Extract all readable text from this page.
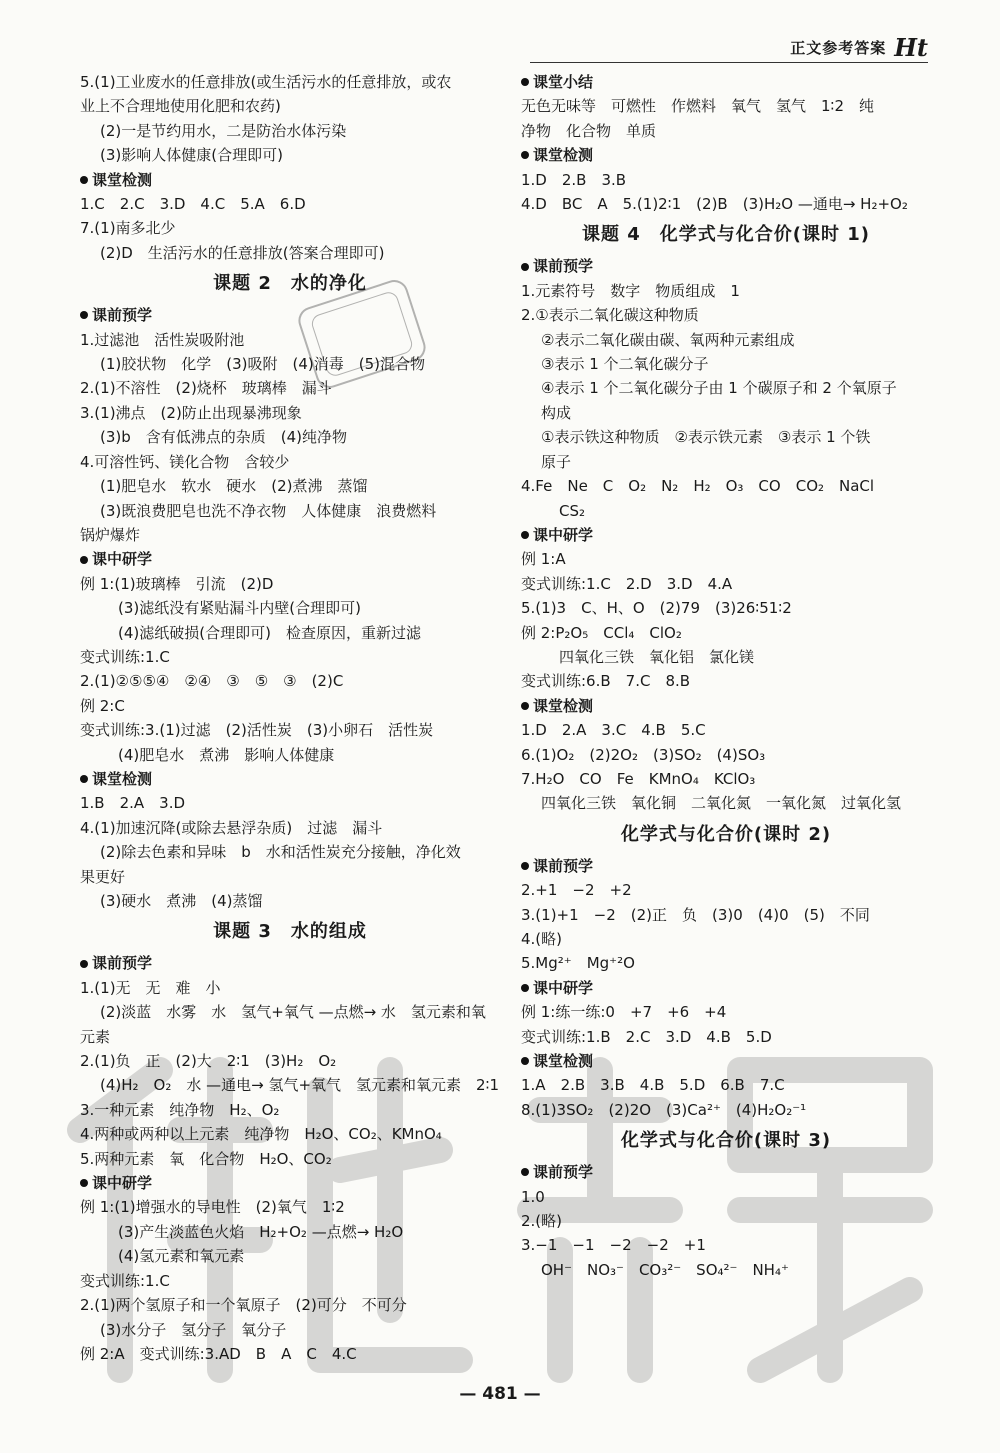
正文参考答案 Ht
5.(1)工业废水的任意排放(或生活污水的任意排放，或农
业上不合理地使用化肥和农药)
(2)一是节约用水，二是防治水体污染
(3)影响人体健康(合理即可)
课堂检测
1.C　2.C　3.D　4.C　5.A　6.D
7.(1)南多北少
(2)D　生活污水的任意排放(答案合理即可)
课题 2　水的净化
课前预学
1.过滤池　活性炭吸附池
(1)胶状物　化学　(3)吸附　(4)消毒　(5)混合物
2.(1)不溶性　(2)烧杯　玻璃棒　漏斗
3.(1)沸点　(2)防止出现暴沸现象
(3)b　含有低沸点的杂质　(4)纯净物
4.可溶性钙、镁化合物　含较少
(1)肥皂水　软水　硬水　(2)煮沸　蒸馏
(3)既浪费肥皂也洗不净衣物　人体健康　浪费燃料
锅炉爆炸
课中研学
例 1:(1)玻璃棒　引流　(2)D
(3)滤纸没有紧贴漏斗内壁(合理即可)
(4)滤纸破损(合理即可)　检查原因，重新过滤
变式训练:1.C
2.(1)②⑤⑤④　②④　③　⑤　③　(2)C
例 2:C
变式训练:3.(1)过滤　(2)活性炭　(3)小卵石　活性炭
(4)肥皂水　煮沸　影响人体健康
课堂检测
1.B　2.A　3.D
4.(1)加速沉降(或除去悬浮杂质)　过滤　漏斗
(2)除去色素和异味　b　水和活性炭充分接触，净化效
果更好
(3)硬水　煮沸　(4)蒸馏
课题 3　水的组成
课前预学
1.(1)无　无　难　小
(2)淡蓝　水雾　水　氢气+氧气 —点燃→ 水　氢元素和氧
元素
2.(1)负　正　(2)大　2∶1　(3)H₂　O₂
(4)H₂　O₂　水 —通电→ 氢气+氧气　氢元素和氧元素　2∶1
3.一种元素　纯净物　H₂、O₂
4.两种或两种以上元素　纯净物　H₂O、CO₂、KMnO₄
5.两种元素　氧　化合物　H₂O、CO₂
课中研学
例 1:(1)增强水的导电性　(2)氧气　1∶2
(3)产生淡蓝色火焰　H₂+O₂ —点燃→ H₂O
(4)氢元素和氧元素
变式训练:1.C
2.(1)两个氢原子和一个氧原子　(2)可分　不可分
(3)水分子　氢分子　氧分子
例 2:A　变式训练:3.AD　B　A　C　4.C
课堂小结
无色无味等　可燃性　作燃料　氧气　氢气　1∶2　纯
净物　化合物　单质
课堂检测
1.D　2.B　3.B
4.D　BC　A　5.(1)2∶1　(2)B　(3)H₂O —通电→ H₂+O₂
课题 4　化学式与化合价(课时 1)
课前预学
1.元素符号　数字　物质组成　1
2.①表示二氧化碳这种物质
②表示二氧化碳由碳、氧两种元素组成
③表示 1 个二氧化碳分子
④表示 1 个二氧化碳分子由 1 个碳原子和 2 个氧原子
构成
①表示铁这种物质　②表示铁元素　③表示 1 个铁
原子
4.Fe　Ne　C　O₂　N₂　H₂　O₃　CO　CO₂　NaCl
CS₂
课中研学
例 1:A
变式训练:1.C　2.D　3.D　4.A
5.(1)3　C、H、O　(2)79　(3)26∶51∶2
例 2:P₂O₅　CCl₄　ClO₂
四氧化三铁　氧化铝　氯化镁
变式训练:6.B　7.C　8.B
课堂检测
1.D　2.A　3.C　4.B　5.C
6.(1)O₂　(2)2O₂　(3)SO₂　(4)SO₃
7.H₂O　CO　Fe　KMnO₄　KClO₃
四氧化三铁　氧化铜　二氧化氮　一氧化氮　过氧化氢
化学式与化合价(课时 2)
课前预学
2.+1　−2　+2
3.(1)+1　−2　(2)正　负　(3)0　(4)0　(5)　不同
4.(略)
5.Mg²⁺　Mg⁺²O
课中研学
例 1:练一练:0　+7　+6　+4
变式训练:1.B　2.C　3.D　4.B　5.D
课堂检测
1.A　2.B　3.B　4.B　5.D　6.B　7.C
8.(1)3SO₂　(2)2O　(3)Ca²⁺　(4)H₂O₂⁻¹
化学式与化合价(课时 3)
课前预学
1.0
2.(略)
3.−1　−1　−2　−2　+1
OH⁻　NO₃⁻　CO₃²⁻　SO₄²⁻　NH₄⁺
— 481 —
